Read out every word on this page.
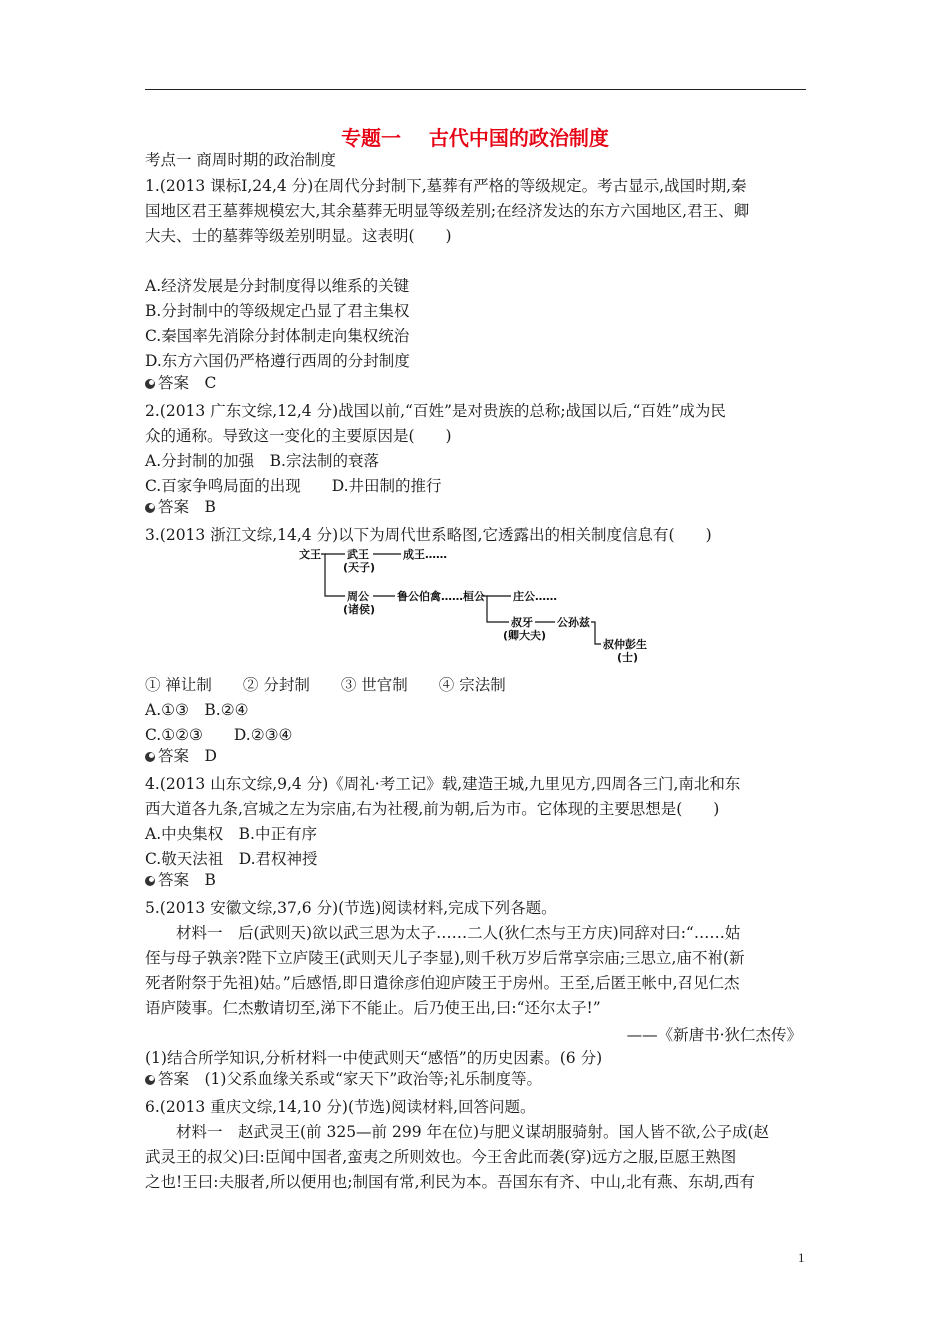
专题一    古代中国的政治制度
考点一 商周时期的政治制度
1.(2013 课标Ⅰ,24,4 分)在周代分封制下,墓葬有严格的等级规定。考古显示,战国时期,秦
国地区君王墓葬规模宏大,其余墓葬无明显等级差别;在经济发达的东方六国地区,君王、卿
大夫、士的墓葬等级差别明显。这表明(　　)
A.经济发展是分封制度得以维系的关键
B.分封制中的等级规定凸显了君主集权
C.秦国率先消除分封体制走向集权统治
D.东方六国仍严格遵行西周的分封制度
答案　C
2.(2013 广东文综,12,4 分)战国以前,“百姓”是对贵族的总称;战国以后,“百姓”成为民
众的通称。导致这一变化的主要原因是(　　)
A.分封制的加强　B.宗法制的衰落
C.百家争鸣局面的出现　　D.井田制的推行
答案　B
3.(2013 浙江文综,14,4 分)以下为周代世系略图,它透露出的相关制度信息有(　　)
文王 武王
(天子)
成王……
周公
(诸侯)
鲁公伯禽……桓公	庄公……
叔牙
(卿大夫)
公孙兹
叔仲彭生
(士)
① 禅让制　　② 分封制　　③ 世官制　　④ 宗法制
A.①③　B.②④
C.①②③　　D.②③④
答案　D
4.(2013 山东文综,9,4 分)《周礼·考工记》载,建造王城,九里见方,四周各三门,南北和东
西大道各九条,宫城之左为宗庙,右为社稷,前为朝,后为市。它体现的主要思想是(　　)
A.中央集权　B.中正有序
C.敬天法祖　D.君权神授
答案　B
5.(2013 安徽文综,37,6 分)(节选)阅读材料,完成下列各题。
　　材料一　后(武则天)欲以武三思为太子……二人(狄仁杰与王方庆)同辞对曰:“……姑
侄与母子孰亲?陛下立庐陵王(武则天儿子李显),则千秋万岁后常享宗庙;三思立,庙不祔(新
死者附祭于先祖)姑。”后感悟,即日遣徐彦伯迎庐陵王于房州。王至,后匿王帐中,召见仁杰
语庐陵事。仁杰敷请切至,涕下不能止。后乃使王出,曰:“还尔太子!”
——《新唐书·狄仁杰传》
(1)结合所学知识,分析材料一中使武则天“感悟”的历史因素。(6 分)
答案　(1)父系血缘关系或“家天下”政治等;礼乐制度等。
6.(2013 重庆文综,14,10 分)(节选)阅读材料,回答问题。
　　材料一　赵武灵王(前 325—前 299 年在位)与肥义谋胡服骑射。国人皆不欲,公子成(赵
武灵王的叔父)曰:臣闻中国者,蛮夷之所则效也。今王舍此而袭(穿)远方之服,臣愿王熟图
之也!王曰:夫服者,所以便用也;制国有常,利民为本。吾国东有齐、中山,北有燕、东胡,西有
1
